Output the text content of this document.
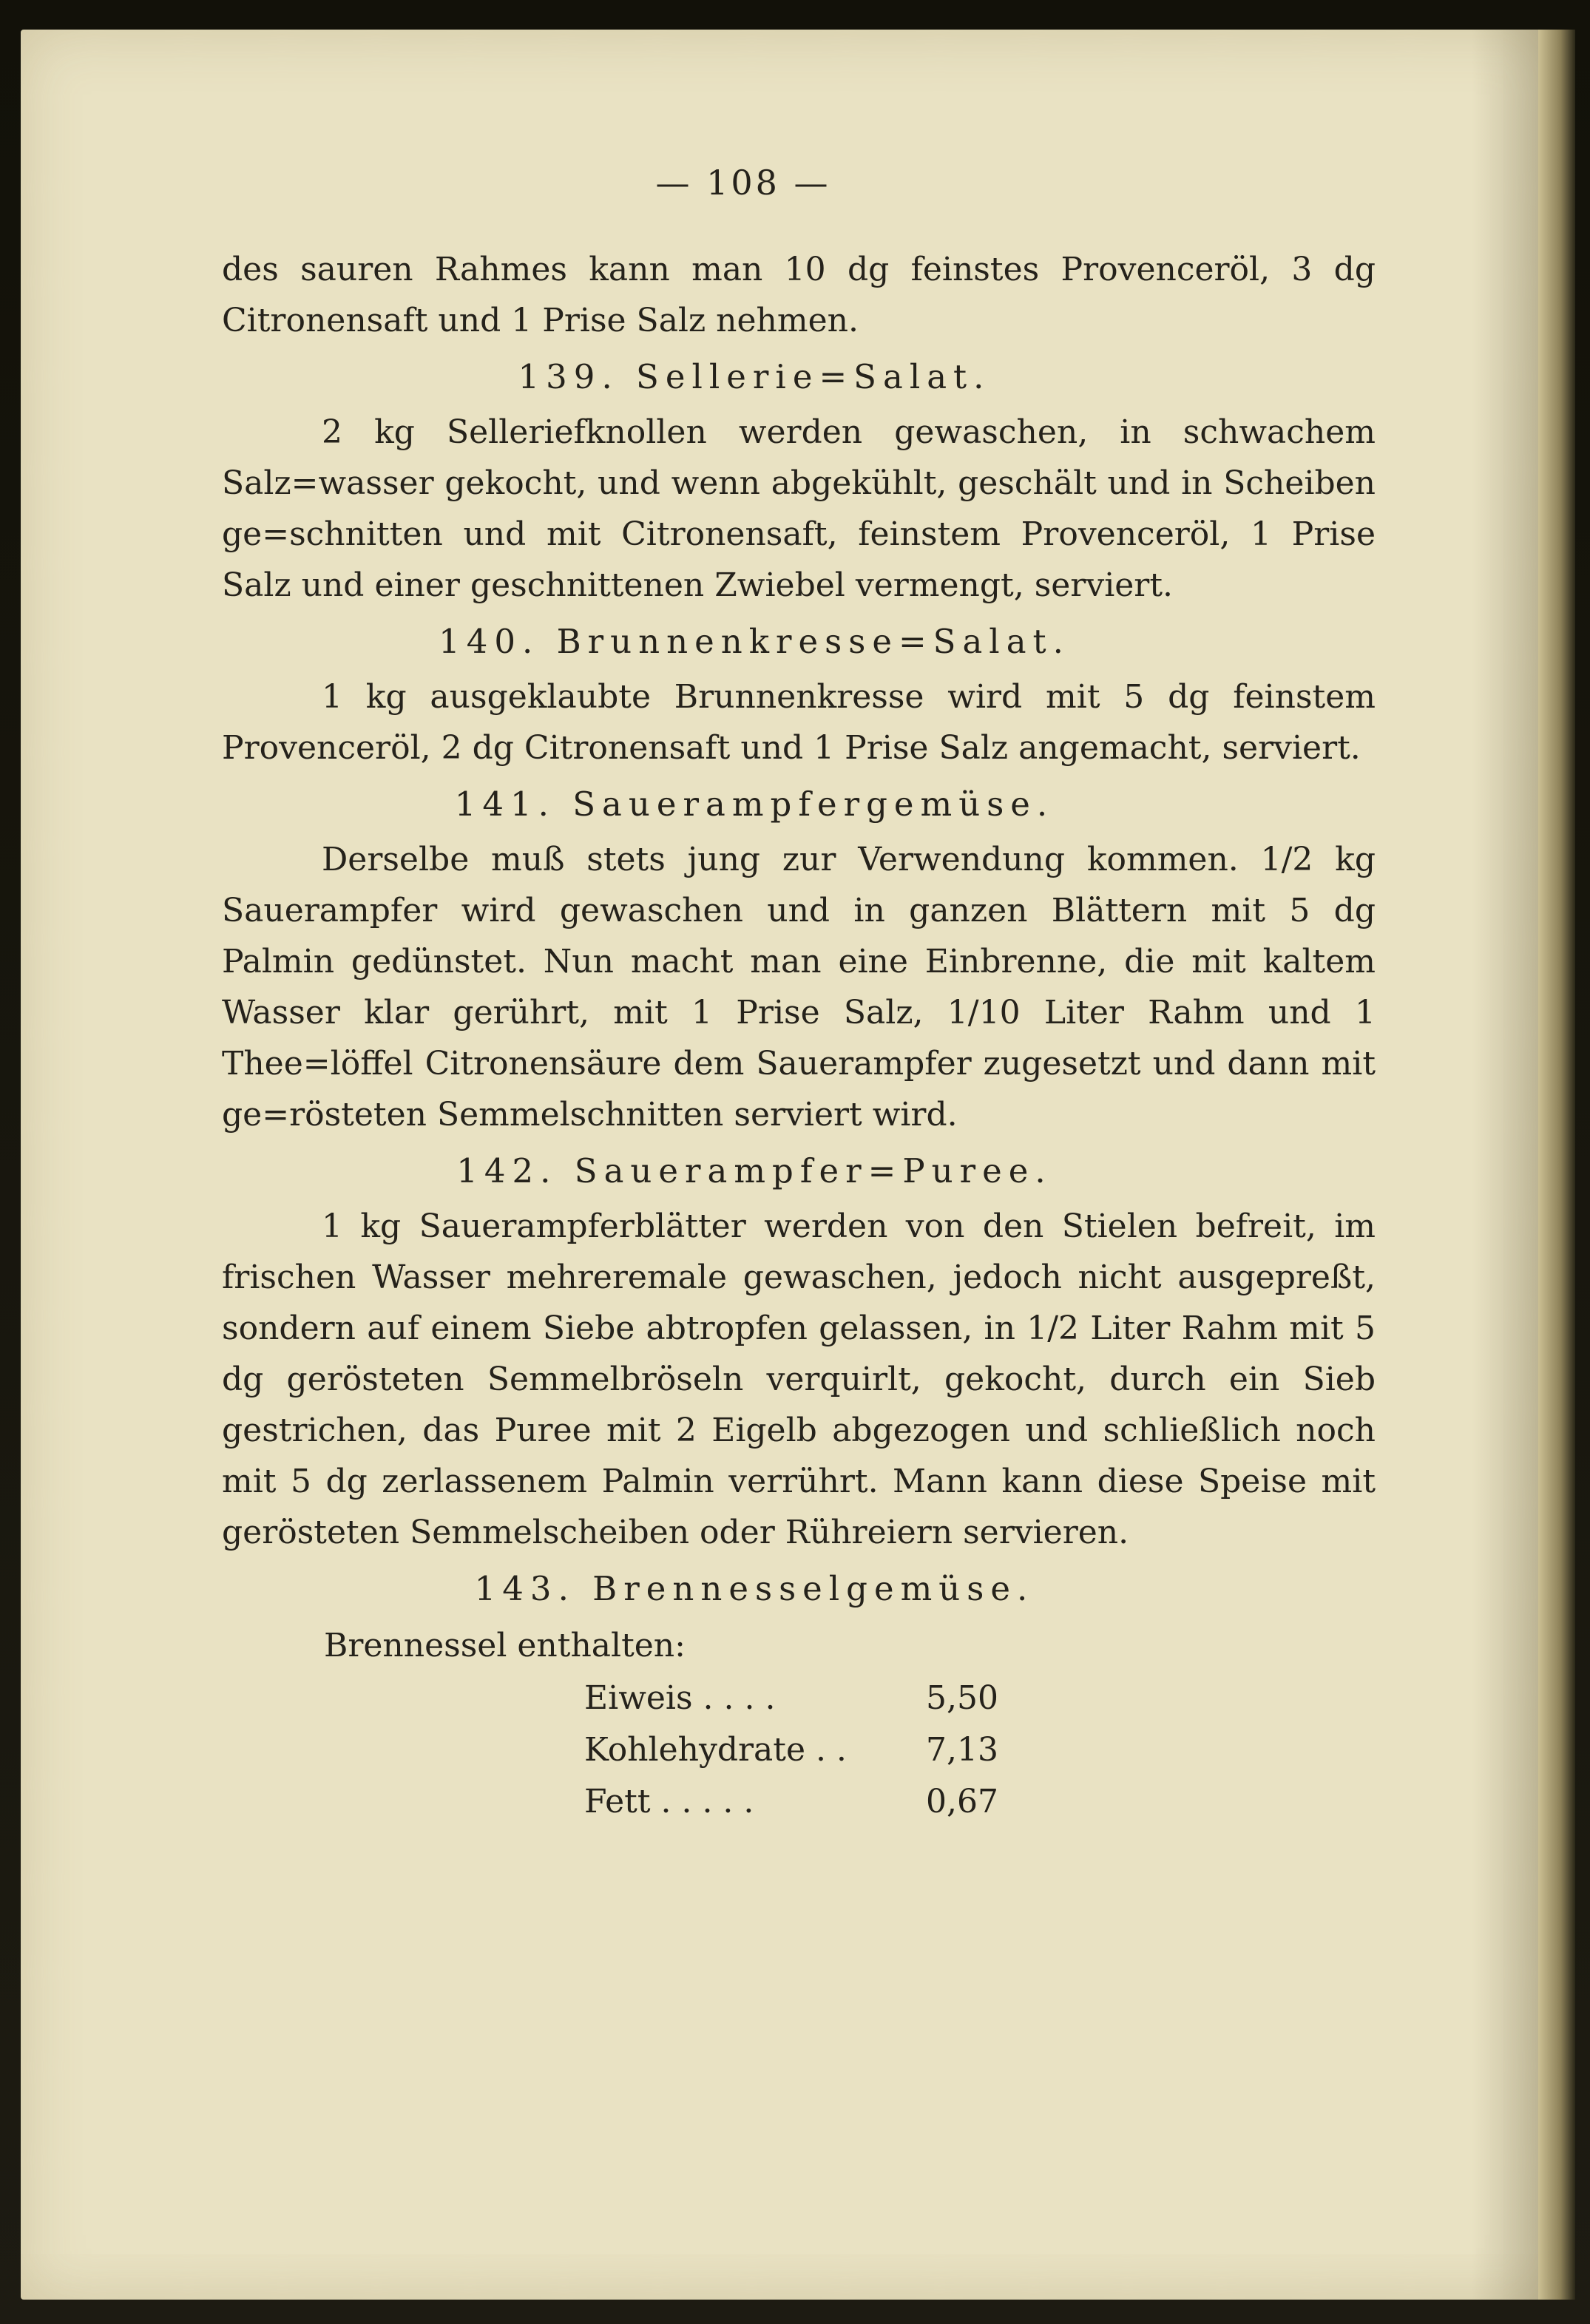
— 108 —

des sauren Rahmes kann man 10 dg feinstes Provenceröl, 3 dg Citronensaft und 1 Prise Salz nehmen.

139. Sellerie=Salat.

2 kg Selleriefknollen werden gewaschen, in schwachem Salz=wasser gekocht, und wenn abgekühlt, geschält und in Scheiben ge=schnitten und mit Citronensaft, feinstem Provenceröl, 1 Prise Salz und einer geschnittenen Zwiebel vermengt, serviert.

140. Brunnenkresse=Salat.

1 kg ausgeklaubte Brunnenkresse wird mit 5 dg feinstem Provenceröl, 2 dg Citronensaft und 1 Prise Salz angemacht, serviert.

141. Sauerampfergemüse.

Derselbe muß stets jung zur Verwendung kommen. 1/2 kg Sauerampfer wird gewaschen und in ganzen Blättern mit 5 dg Palmin gedünstet. Nun macht man eine Einbrenne, die mit kaltem Wasser klar gerührt, mit 1 Prise Salz, 1/10 Liter Rahm und 1 Thee=löffel Citronensäure dem Sauerampfer zugesetzt und dann mit ge=rösteten Semmelschnitten serviert wird.

142. Sauerampfer=Puree.

1 kg Sauerampferblätter werden von den Stielen befreit, im frischen Wasser mehreremale gewaschen, jedoch nicht ausgepreßt, sondern auf einem Siebe abtropfen gelassen, in 1/2 Liter Rahm mit 5 dg gerösteten Semmelbröseln verquirlt, gekocht, durch ein Sieb gestrichen, das Puree mit 2 Eigelb abgezogen und schließlich noch mit 5 dg zerlassenem Palmin verrührt. Mann kann diese Speise mit gerösteten Semmelscheiben oder Rühreiern servieren.

143. Brennesselgemüse.
Brennessel enthalten:
Eiweis . . . .	5,50
Kohlehydrate . .	7,13
Fett . . . . .	0,67
